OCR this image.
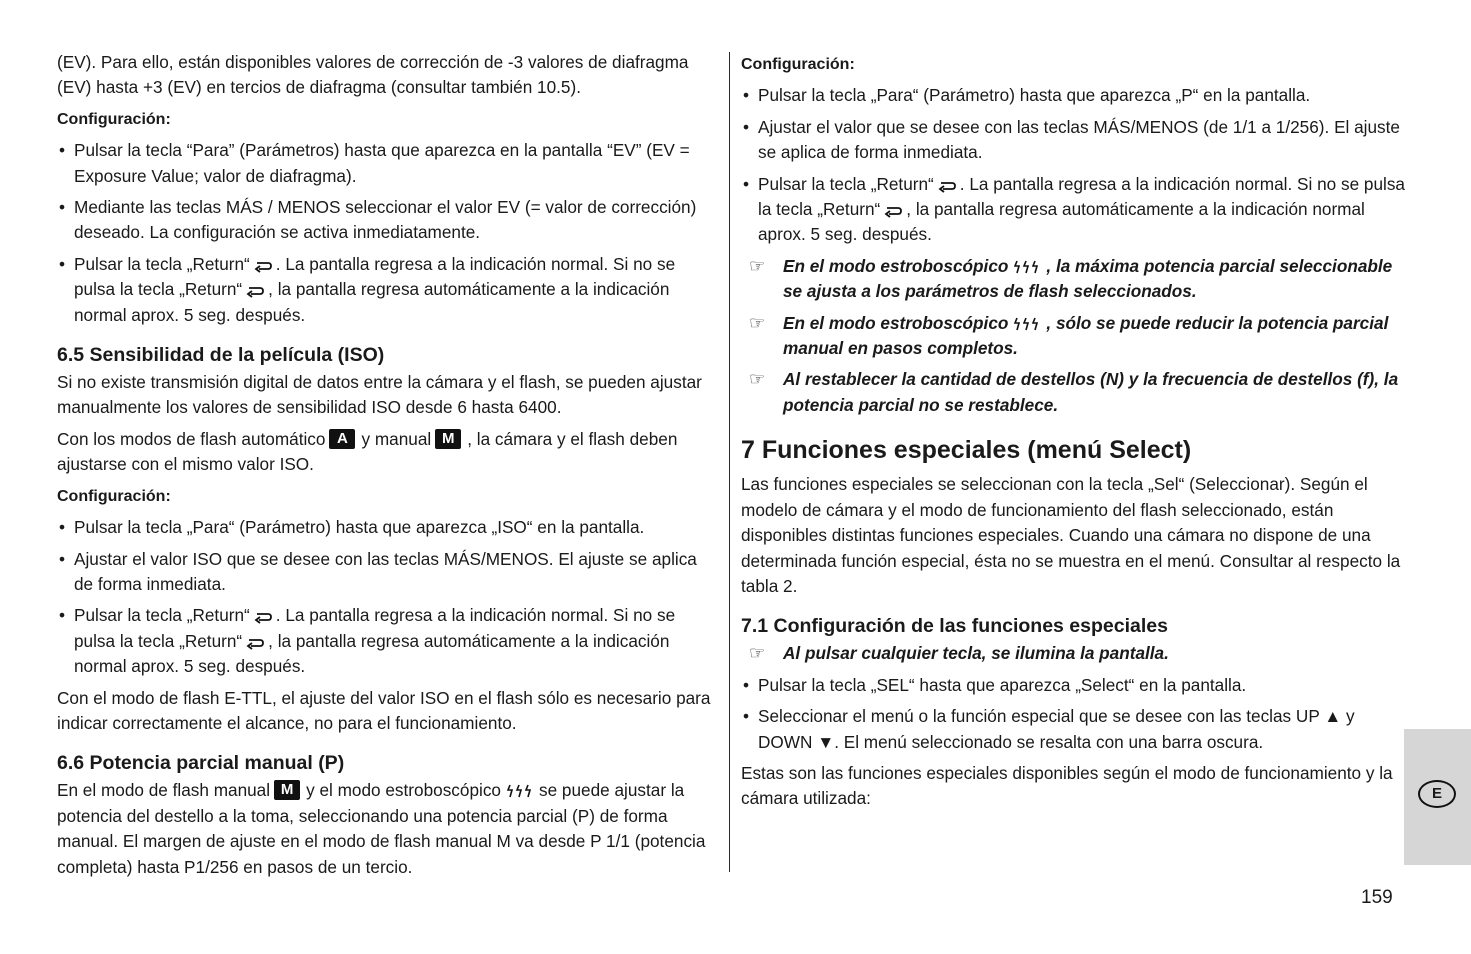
(EV). Para ello, están disponibles valores de corrección de -3 valores de diafragma (EV) hasta +3 (EV) en tercios de diafragma (consultar también 10.5).

Configuración:

• Pulsar la tecla “Para” (Parámetros) hasta que aparezca en la pantalla “EV” (EV = Exposure Value; valor de diafragma).
• Mediante las teclas MÁS / MENOS seleccionar el valor EV (= valor de corrección) deseado. La configuración se activa inmediatamente.
• Pulsar la tecla „Return“ . La pantalla regresa a la indicación normal. Si no se pulsa la tecla „Return“ , la pantalla regresa automáticamente a la indicación normal aprox. 5 seg. después.

6.5 Sensibilidad de la película (ISO)

Si no existe transmisión digital de datos entre la cámara y el flash, se pueden ajustar manualmente los valores de sensibilidad ISO desde 6 hasta 6400.

Con los modos de flash automático A y manual M , la cámara y el flash deben ajustarse con el mismo valor ISO.

Configuración:

• Pulsar la tecla „Para“ (Parámetro) hasta que aparezca „ISO“ en la pantalla.
• Ajustar el valor ISO que se desee con las teclas MÁS/MENOS. El ajuste se aplica de forma inmediata.
• Pulsar la tecla „Return“ . La pantalla regresa a la indicación normal. Si no se pulsa la tecla „Return“ , la pantalla regresa automáticamente a la indicación normal aprox. 5 seg. después.

Con el modo de flash E-TTL, el ajuste del valor ISO en el flash sólo es necesario para indicar correctamente el alcance, no para el funcionamiento.

6.6 Potencia parcial manual (P)

En el modo de flash manual M y el modo estroboscópico se puede ajustar la potencia del destello a la toma, seleccionando una potencia parcial (P) de forma manual. El margen de ajuste en el modo de flash manual M va desde P 1/1 (potencia completa) hasta P1/256 en pasos de un tercio.

Configuración:

• Pulsar la tecla „Para“ (Parámetro) hasta que aparezca „P“ en la pantalla.
• Ajustar el valor que se desee con las teclas MÁS/MENOS (de 1/1 a 1/256). El ajuste se aplica de forma inmediata.
• Pulsar la tecla „Return“ . La pantalla regresa a la indicación normal. Si no se pulsa la tecla „Return“ , la pantalla regresa automáticamente a la indicación normal aprox. 5 seg. después.
☞ En el modo estroboscópico , la máxima potencia parcial seleccionable se ajusta a los parámetros de flash seleccionados.
☞ En el modo estroboscópico , sólo se puede reducir la potencia parcial manual en pasos completos.
☞ Al restablecer la cantidad de destellos (N) y la frecuencia de destellos (f), la potencia parcial no se restablece.

7 Funciones especiales (menú Select)

Las funciones especiales se seleccionan con la tecla „Sel“ (Seleccionar). Según el modelo de cámara y el modo de funcionamiento del flash seleccionado, están disponibles distintas funciones especiales. Cuando una cámara no dispone de una determinada función especial, ésta no se muestra en el menú. Consultar al respecto la tabla 2.

7.1 Configuración de las funciones especiales

☞ Al pulsar cualquier tecla, se ilumina la pantalla.
• Pulsar la tecla „SEL“ hasta que aparezca „Select“ en la pantalla.
• Seleccionar el menú o la función especial que se desee con las teclas UP ▲ y DOWN ▼. El menú seleccionado se resalta con una barra oscura.

Estas son las funciones especiales disponibles según el modo de funcionamiento y la cámara utilizada:	E
159
